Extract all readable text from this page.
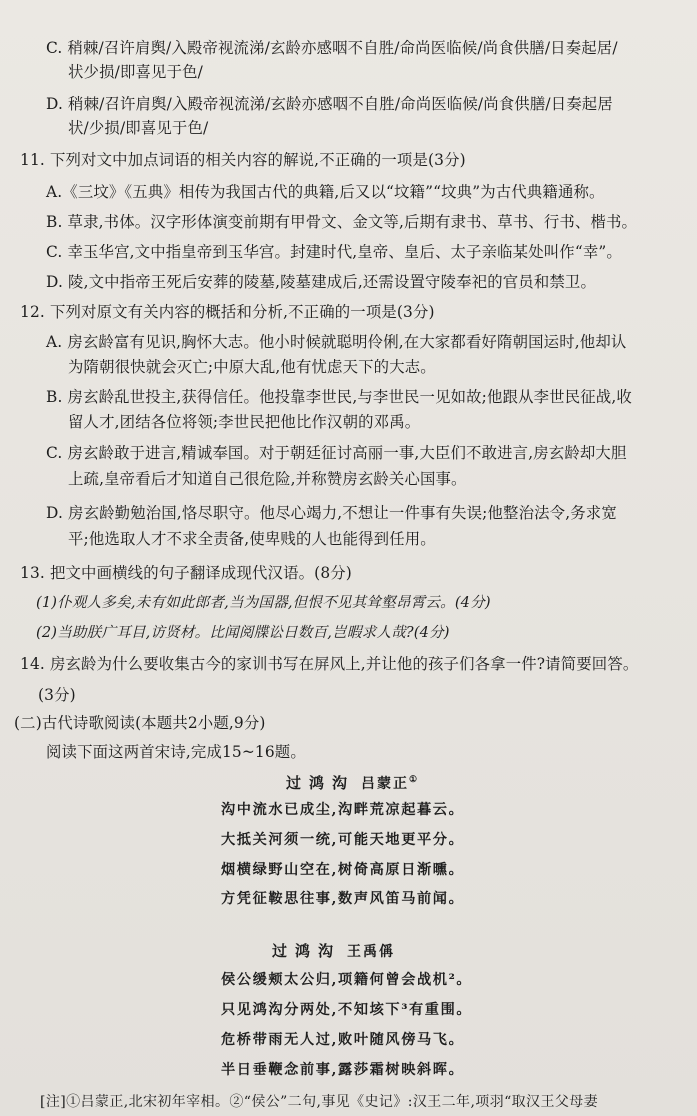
C. 稍棘/召许肩舆/入殿帝视流涕/玄龄亦感咽不自胜/命尚医临候/尚食供膳/日奏起居/
状少损/即喜见于色/
D. 稍棘/召许肩舆/入殿帝视流涕/玄龄亦感咽不自胜/命尚医临候/尚食供膳/日奏起居
状/少损/即喜见于色/
11. 下列对文中加点词语的相关内容的解说,不正确的一项是(3分)
A.《三坟》《五典》相传为我国古代的典籍,后又以“坟籍”“坟典”为古代典籍通称。
B. 草隶,书体。汉字形体演变前期有甲骨文、金文等,后期有隶书、草书、行书、楷书。
C. 幸玉华宫,文中指皇帝到玉华宫。封建时代,皇帝、皇后、太子亲临某处叫作“幸”。
D. 陵,文中指帝王死后安葬的陵墓,陵墓建成后,还需设置守陵奉祀的官员和禁卫。
12. 下列对原文有关内容的概括和分析,不正确的一项是(3分)
A. 房玄龄富有见识,胸怀大志。他小时候就聪明伶俐,在大家都看好隋朝国运时,他却认
为隋朝很快就会灭亡;中原大乱,他有忧虑天下的大志。
B. 房玄龄乱世投主,获得信任。他投靠李世民,与李世民一见如故;他跟从李世民征战,收
留人才,团结各位将领;李世民把他比作汉朝的邓禹。
C. 房玄龄敢于进言,精诚奉国。对于朝廷征讨高丽一事,大臣们不敢进言,房玄龄却大胆
上疏,皇帝看后才知道自己很危险,并称赞房玄龄关心国事。
D. 房玄龄勤勉治国,恪尽职守。他尽心竭力,不想让一件事有失误;他整治法令,务求宽
平;他选取人才不求全责备,使卑贱的人也能得到任用。
13. 把文中画横线的句子翻译成现代汉语。(8分)
(1)仆观人多矣,未有如此郎者,当为国器,但恨不见其耸壑昂霄云。(4分)
(2)当助朕广耳目,访贤材。比闻阅牒讼日数百,岂暇求人哉?(4分)
14. 房玄龄为什么要收集古今的家训书写在屏风上,并让他的孩子们各拿一件?请简要回答。
(3分)
(二)古代诗歌阅读(本题共2小题,9分)
阅读下面这两首宋诗,完成15~16题。
过鸿沟 吕蒙正①
沟中流水已成尘,沟畔荒凉起暮云。
大抵关河须一统,可能天地更平分。
烟横绿野山空在,树倚高原日渐曛。
方凭征鞍思往事,数声风笛马前闻。
过鸿沟 王禹偁
侯公缓颊太公归,项籍何曾会战机²。
只见鸿沟分两处,不知垓下³有重围。
危桥带雨无人过,败叶随风傍马飞。
半日垂鞭念前事,露莎霜树映斜晖。
[注]①吕蒙正,北宋初年宰相。②“侯公”二句,事见《史记》:汉王二年,项羽“取汉王父母妻
